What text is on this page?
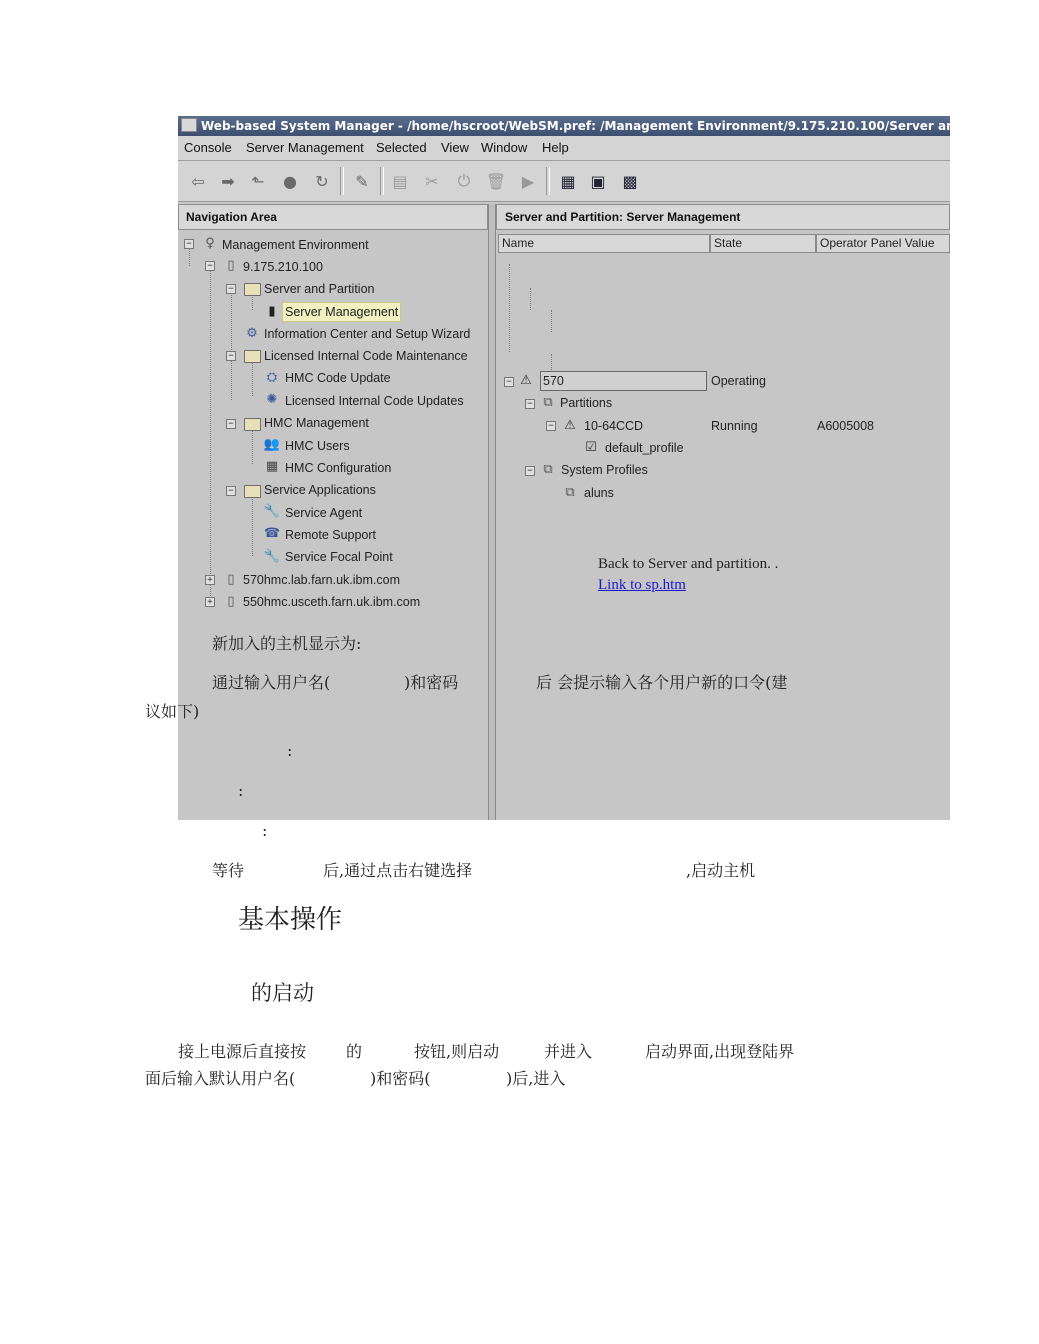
Web-based System Manager - /home/hscroot/WebSM.pref: /Management Environment/9.175.210.100/Server and Partition/S
Console Server Management Selected View Window Help
⇦	➡	⬑	●	↻	✎	▤	✂	⏻ 🗑 ▶	▦ ▣ ▩
Navigation Area	Server and Partition: Server Management
− ♀ Management Environment
−	▯ 9.175.210.100
− Server and Partition
▮ Server Management
⚙ Information Center and Setup Wizard
− Licensed Internal Code Maintenance
⛭ HMC Code Update
✺ Licensed Internal Code Updates
− HMC Management
👥 HMC Users
▦ HMC Configuration
− Service Applications
🔧 Service Agent
☎ Remote Support
🔧 Service Focal Point
+	▯ 570hmc.lab.farn.uk.ibm.com
+	▯ 550hmc.usceth.farn.uk.ibm.com
Name	State	Operator Panel Value
− ⚠ 570	Operating
− ⧉ Partitions
− ⚠ 10-64CCD	Running	A6005008
☑ default_profile
− ⧉ System Profiles
⧉ aluns
Back to Server and partition. .
Link to sp.htm
新加入的主机显示为:
通过输入用户名(	)和密码	后 会提示输入各个用户新的口令(建
议如下)
:
:
:
等待	后,通过点击右键选择	,启动主机
基本操作
的启动
接上电源后直接按 的	按钮,则启动	并进入	启动界面,出现登陆界
面后输入默认用户名(	)和密码(	)后,进入
